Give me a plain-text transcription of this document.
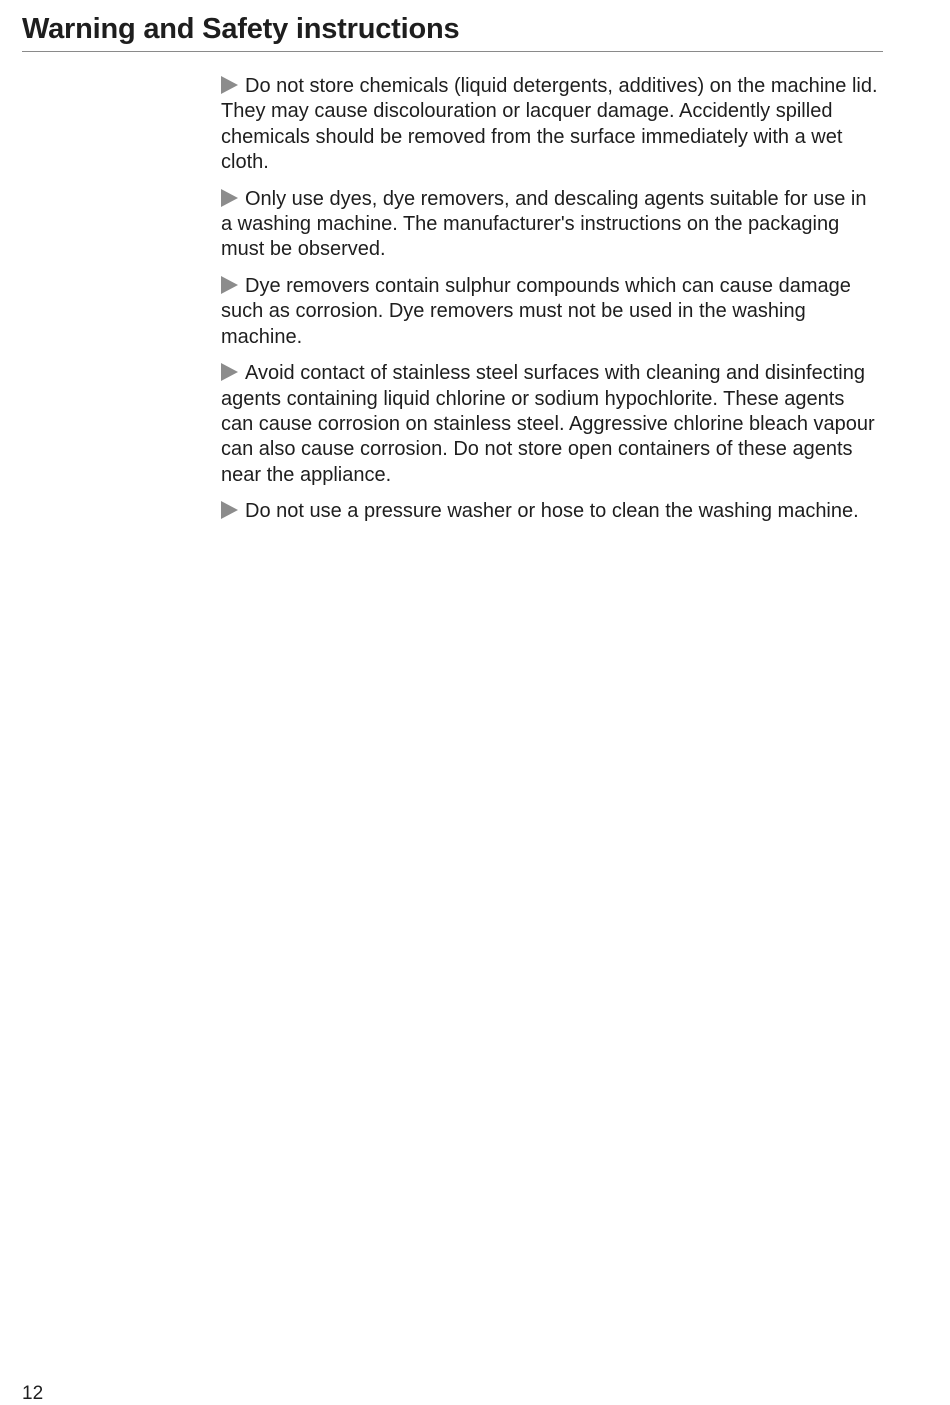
Warning and Safety instructions

Do not store chemicals (liquid detergents, additives) on the machine lid. They may cause discolouration or lacquer damage. Accidently spilled chemicals should be removed from the surface immediately with a wet cloth.

Only use dyes, dye removers, and descaling agents suitable for use in a washing machine. The manufacturer's instructions on the packaging must be observed.

Dye removers contain sulphur compounds which can cause damage such as corrosion. Dye removers must not be used in the washing machine.

Avoid contact of stainless steel surfaces with cleaning and disinfecting agents containing liquid chlorine or sodium hypochlorite. These agents can cause corrosion on stainless steel. Aggressive chlorine bleach vapour can also cause corrosion. Do not store open containers of these agents near the appliance.

Do not use a pressure washer or hose to clean the washing machine.

12
